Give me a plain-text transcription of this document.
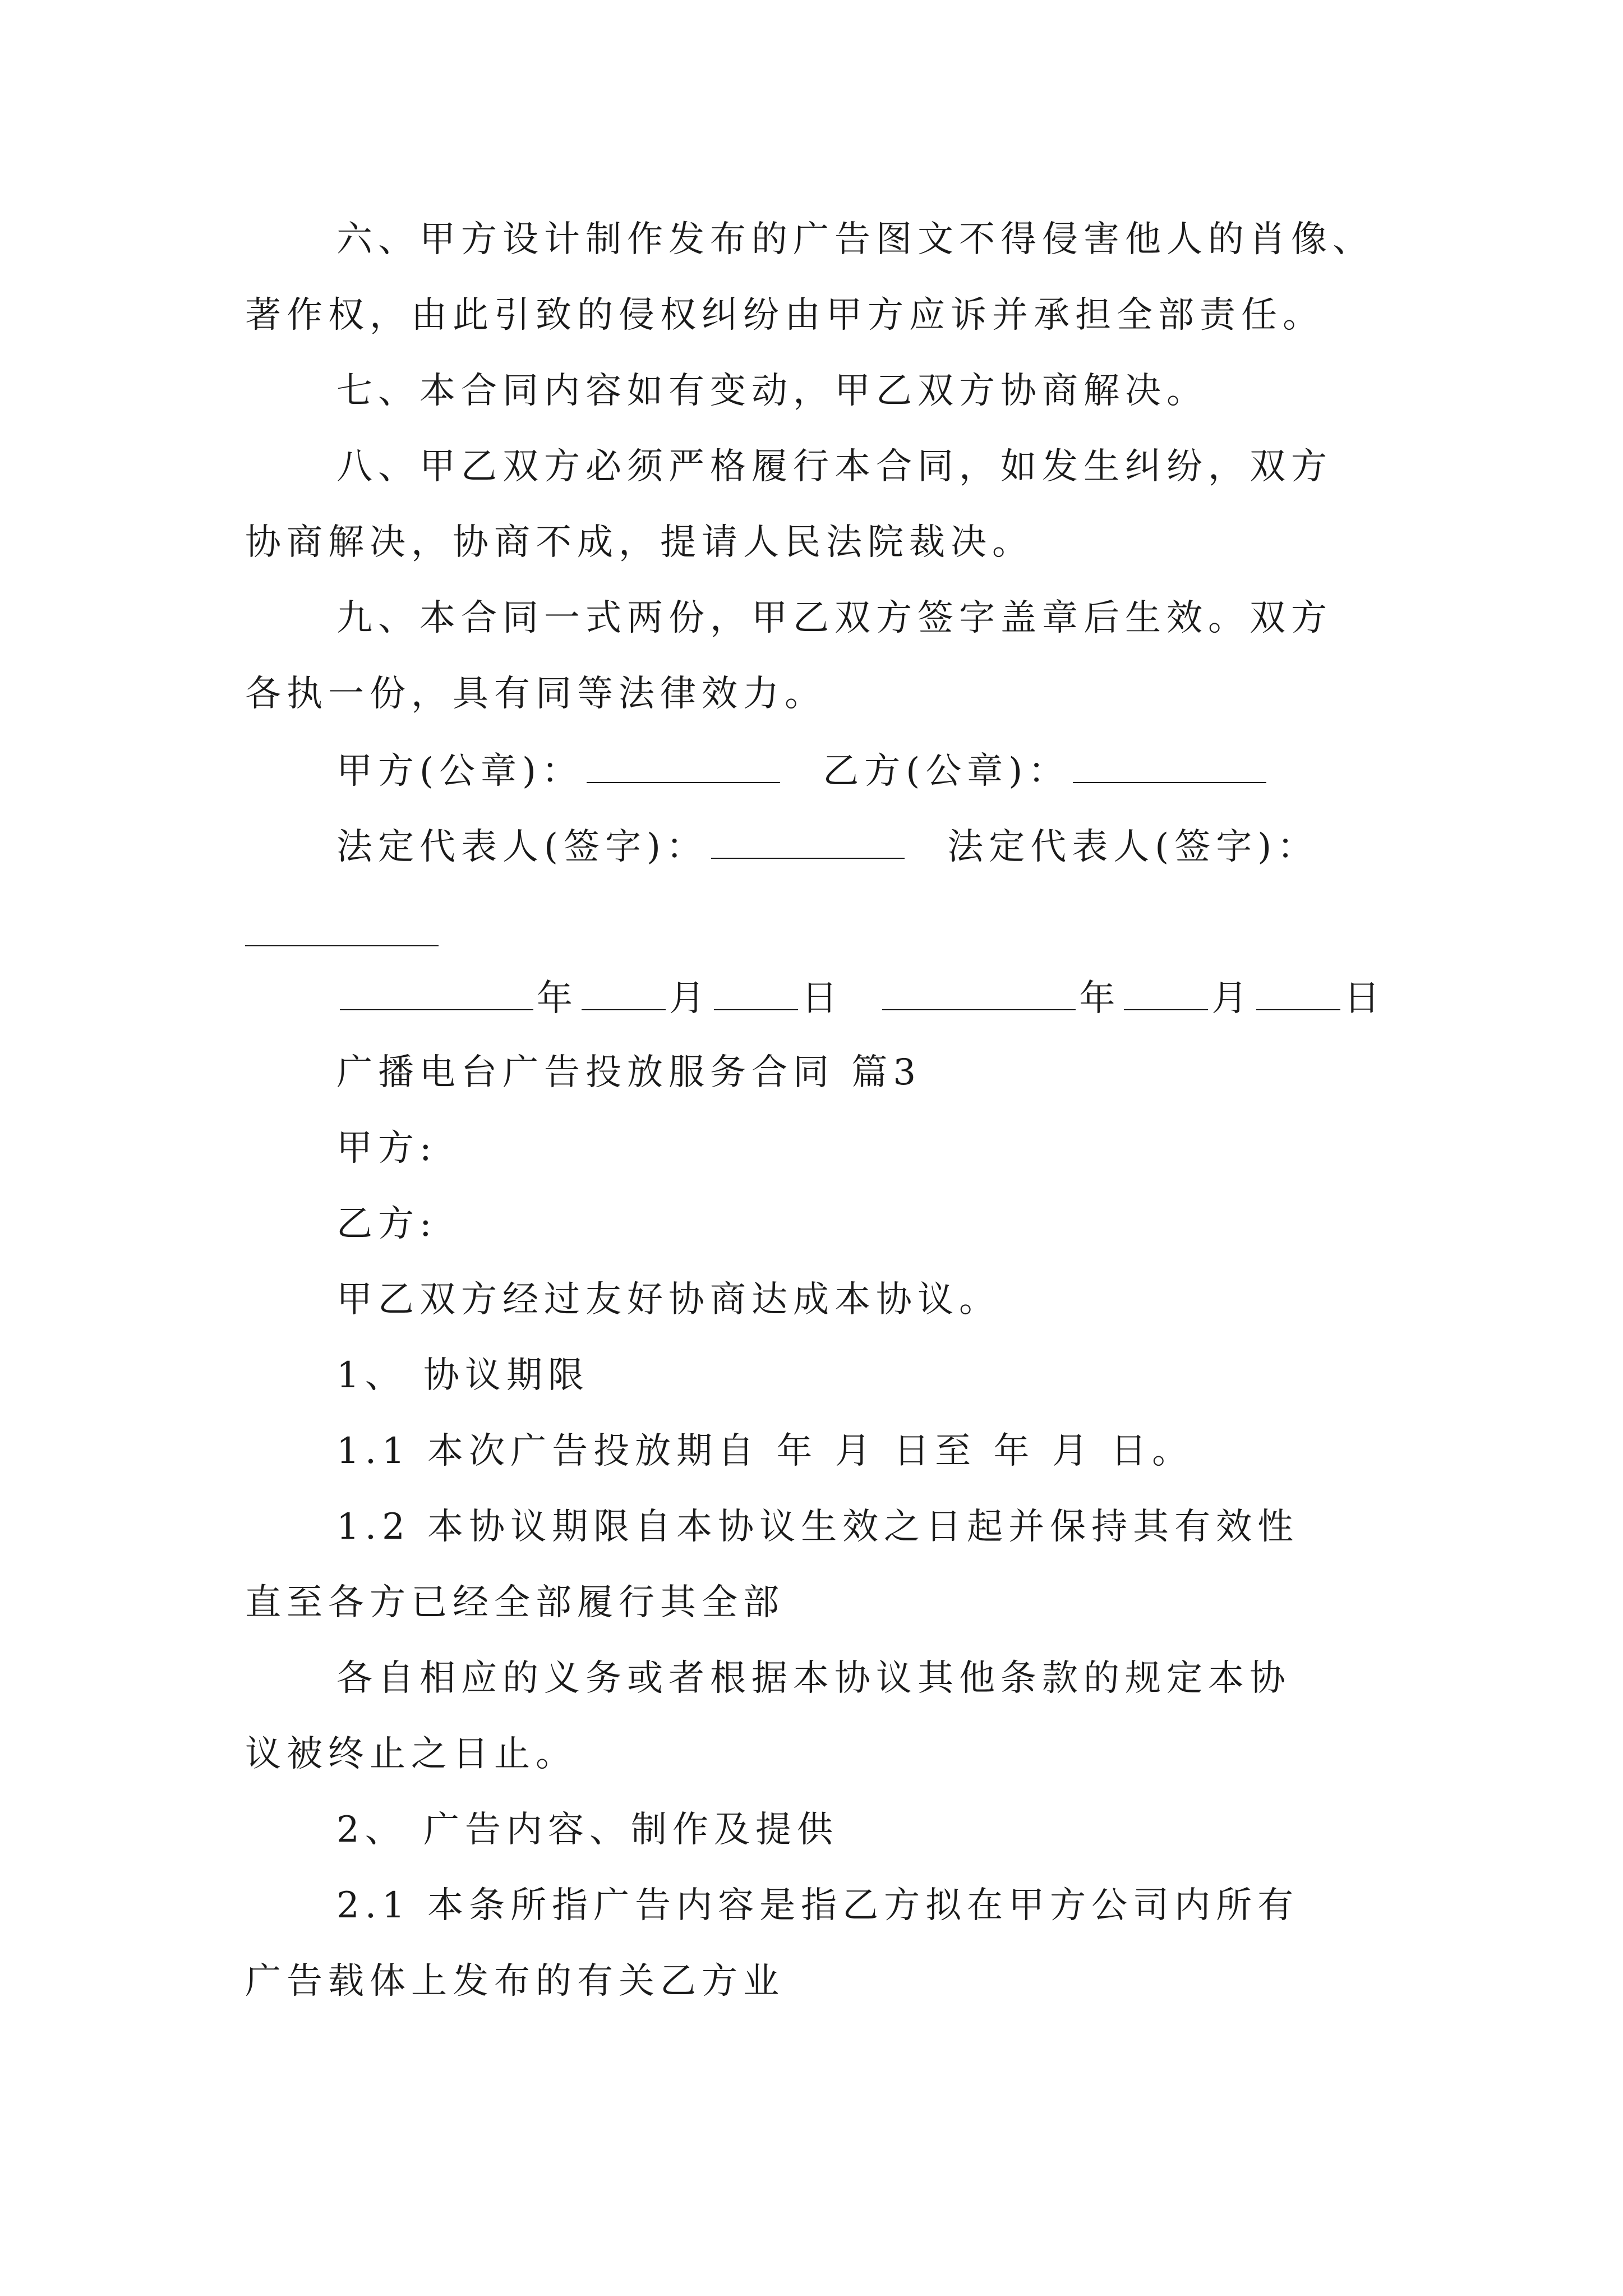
六、甲方设计制作发布的广告图文不得侵害他人的肖像、
著作权，由此引致的侵权纠纷由甲方应诉并承担全部责任。
七、本合同内容如有变动，甲乙双方协商解决。
八、甲乙双方必须严格履行本合同，如发生纠纷，双方
协商解决，协商不成，提请人民法院裁决。
九、本合同一式两份，甲乙双方签字盖章后生效。双方
各执一份，具有同等法律效力。
甲方(公章)：	乙方(公章)：
法定代表人(签字)：	法定代表人(签字)：
年	月	日	年	月	日
广播电台广告投放服务合同 篇3
甲方:
乙方:
甲乙双方经过友好协商达成本协议。
1、 协议期限
1.1 本次广告投放期自 年 月 日至 年 月 日。
1.2 本协议期限自本协议生效之日起并保持其有效性
直至各方已经全部履行其全部
各自相应的义务或者根据本协议其他条款的规定本协
议被终止之日止。
2、 广告内容、制作及提供
2.1 本条所指广告内容是指乙方拟在甲方公司内所有
广告载体上发布的有关乙方业
